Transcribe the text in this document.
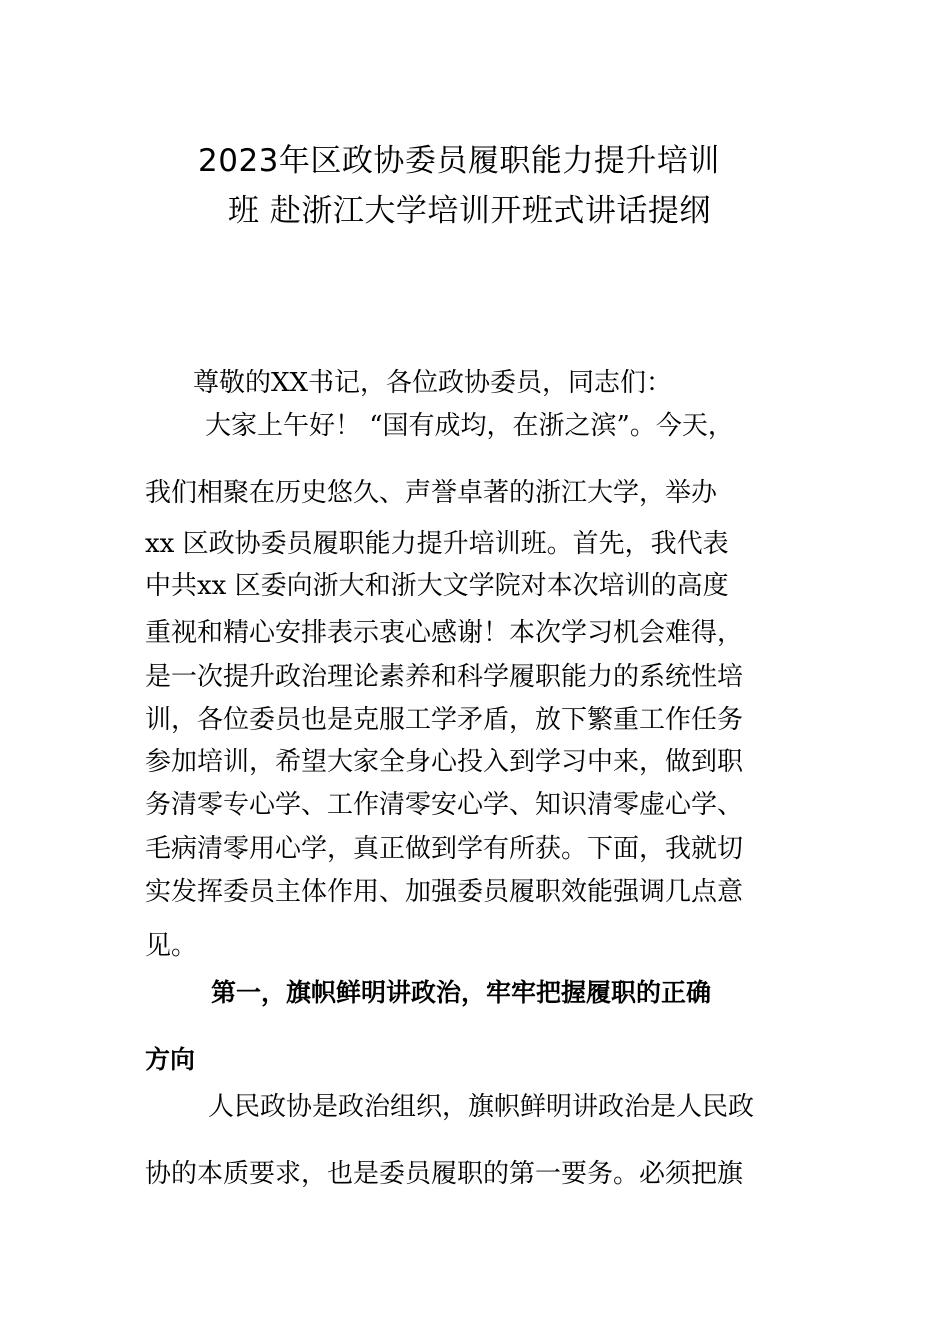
2023年区政协委员履职能力提升培训
班 赴浙江大学培训开班式讲话提纲

尊敬的XX书记，各位政协委员，同志们：

大家上午好！ “国有成均，在浙之滨”。今天，

我们相聚在历史悠久、声誉卓著的浙江大学，举办

xx 区政协委员履职能力提升培训班。首先，我代表

中共xx 区委向浙大和浙大文学院对本次培训的高度

重视和精心安排表示衷心感谢！本次学习机会难得，

是一次提升政治理论素养和科学履职能力的系统性培

训，各位委员也是克服工学矛盾，放下繁重工作任务

参加培训，希望大家全身心投入到学习中来，做到职

务清零专心学、工作清零安心学、知识清零虚心学、

毛病清零用心学，真正做到学有所获。下面，我就切

实发挥委员主体作用、加强委员履职效能强调几点意

见。

第一，旗帜鲜明讲政治，牢牢把握履职的正确

方向

人民政协是政治组织，旗帜鲜明讲政治是人民政

协的本质要求，也是委员履职的第一要务。必须把旗
